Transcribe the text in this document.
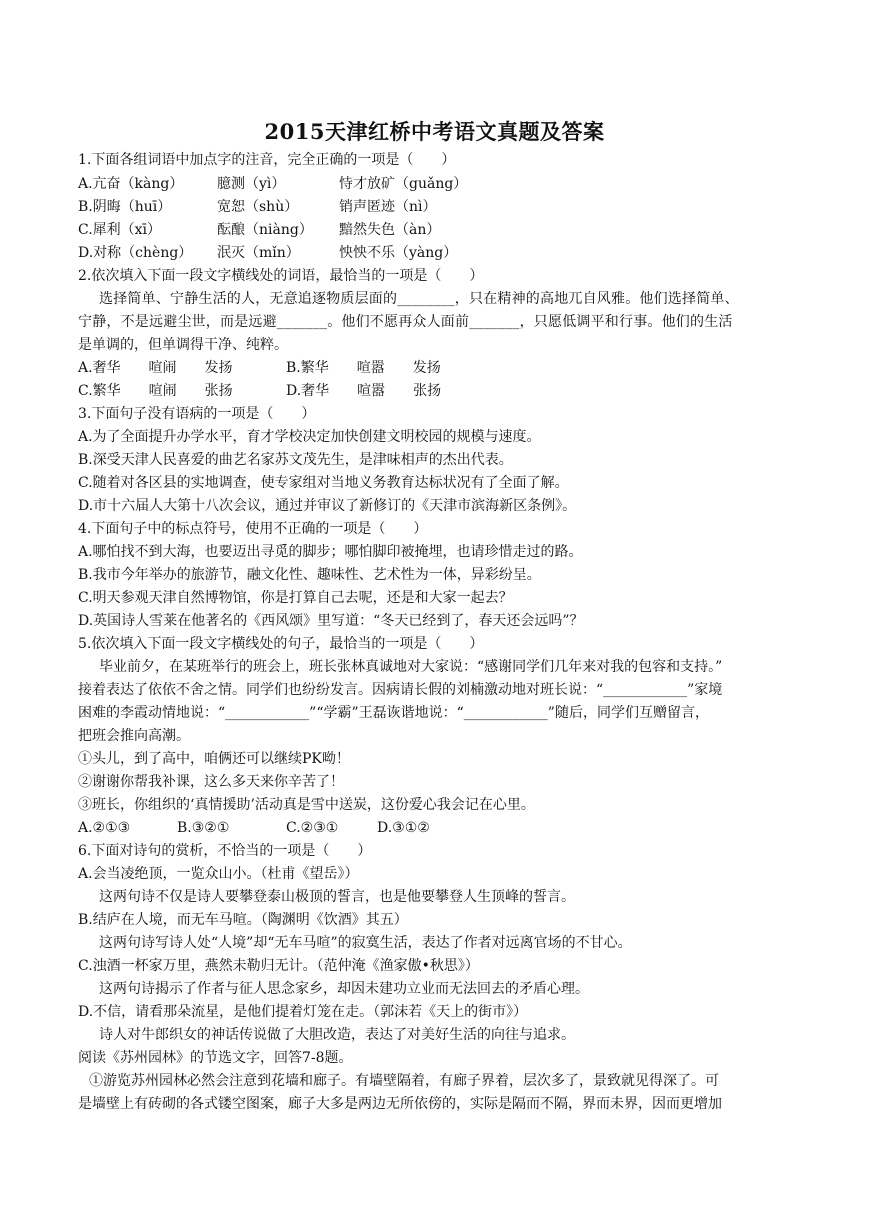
2015天津红桥中考语文真题及答案
1.下面各组词语中加点字的注音，完全正确的一项是（　　）
A.亢奋（kàng） 臆测（yì）	恃才放矿（guǎng）
B.阴晦（huī）	宽恕（shù）	销声匿迹（nì）
C.犀利（xī）	酝酿（niàng） 黯然失色（àn）
D.对称（chèng） 泯灭（mǐn）	怏怏不乐（yàng）
2.依次填入下面一段文字横线处的词语，最恰当的一项是（　　）
选择简单、宁静生活的人，无意追逐物质层面的________，只在精神的高地兀自风雅。他们选择简单、
宁静，不是远避尘世，而是远避_______。他们不愿再众人面前_______，只愿低调平和行事。他们的生活
是单调的，但单调得干净、纯粹。
A.奢华　　喧闹　　发扬	B.繁华　　喧嚣　　发扬
C.繁华　　喧闹　　张扬	D.奢华　　喧嚣　　张扬
3.下面句子没有语病的一项是（　　）
A.为了全面提升办学水平，育才学校决定加快创建文明校园的规模与速度。
B.深受天津人民喜爱的曲艺名家苏文茂先生，是津味相声的杰出代表。
C.随着对各区县的实地调查，使专家组对当地义务教育达标状况有了全面了解。
D.市十六届人大第十八次会议，通过并审议了新修订的《天津市滨海新区条例》。
4.下面句子中的标点符号，使用不正确的一项是（　　）
A.哪怕找不到大海，也要迈出寻觅的脚步；哪怕脚印被掩埋，也请珍惜走过的路。
B.我市今年举办的旅游节，融文化性、趣味性、艺术性为一体，异彩纷呈。
C.明天参观天津自然博物馆，你是打算自己去呢，还是和大家一起去？
D.英国诗人雪莱在他著名的《西风颂》里写道：“冬天已经到了，春天还会远吗”？
5.依次填入下面一段文字横线处的句子，最恰当的一项是（　　）
毕业前夕，在某班举行的班会上，班长张林真诚地对大家说：“感谢同学们几年来对我的包容和支持。”
接着表达了依依不舍之情。同学们也纷纷发言。因病请长假的刘楠激动地对班长说：“____________”家境
困难的李霞动情地说：“____________”“学霸”王磊诙谐地说：“____________”随后，同学们互赠留言，
把班会推向高潮。
①头儿，到了高中，咱俩还可以继续PK呦！
②谢谢你帮我补课，这么多天来你辛苦了！
③班长，你组织的‘真情援助’活动真是雪中送炭，这份爱心我会记在心里。
A.②①③	B.③②①	C.②③①	D.③①②
6.下面对诗句的赏析，不恰当的一项是（　　）
A.会当凌绝顶，一览众山小。（杜甫《望岳》）
这两句诗不仅是诗人要攀登泰山极顶的誓言，也是他要攀登人生顶峰的誓言。
B.结庐在人境，而无车马喧。（陶渊明《饮酒》其五）
这两句诗写诗人处“人境”却“无车马喧”的寂寞生活，表达了作者对远离官场的不甘心。
C.浊酒一杯家万里，燕然未勒归无计。（范仲淹《渔家傲•秋思》）
这两句诗揭示了作者与征人思念家乡，却因未建功立业而无法回去的矛盾心理。
D.不信，请看那朵流星，是他们提着灯笼在走。（郭沫若《天上的街市》）
诗人对牛郎织女的神话传说做了大胆改造，表达了对美好生活的向往与追求。
阅读《苏州园林》的节选文字，回答7-8题。
①游览苏州园林必然会注意到花墙和廊子。有墙壁隔着，有廊子界着，层次多了，景致就见得深了。可
是墙壁上有砖砌的各式镂空图案，廊子大多是两边无所依傍的，实际是隔而不隔，界而未界，因而更增加
